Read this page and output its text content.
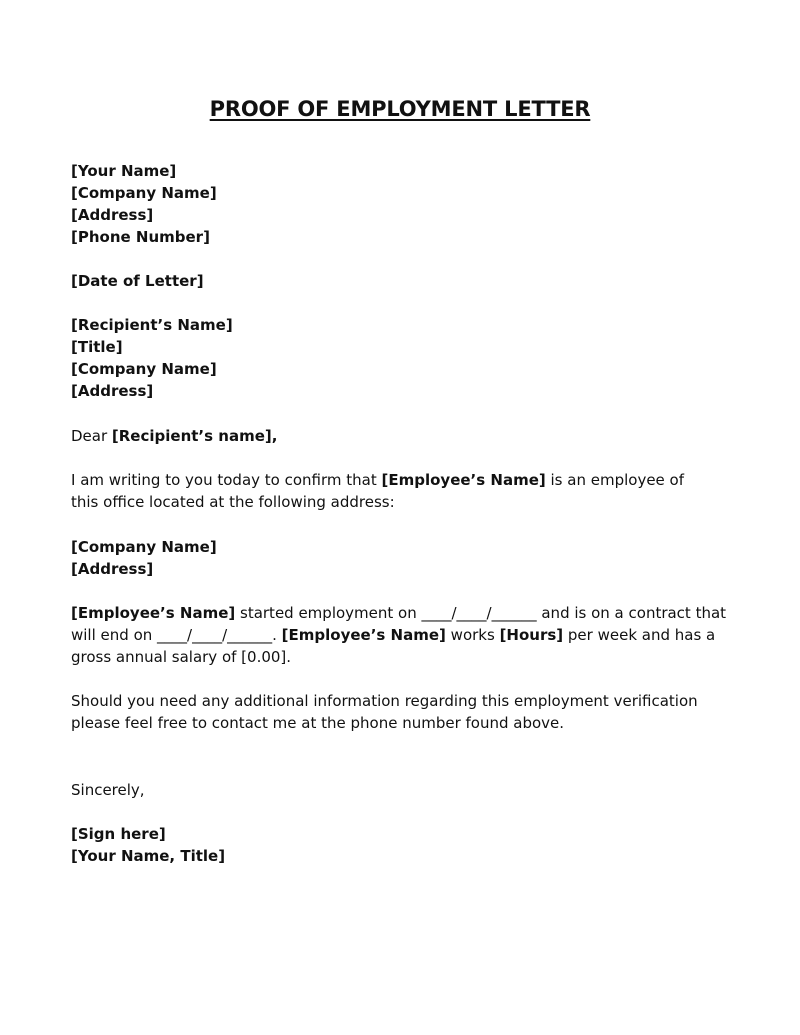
PROOF OF EMPLOYMENT LETTER
[Your Name]
[Company Name]
[Address]
[Phone Number]
[Date of Letter]
[Recipient’s Name]
[Title]
[Company Name]
[Address]
Dear [Recipient’s name],
I am writing to you today to confirm that [Employee’s Name] is an employee of this office located at the following address:
[Company Name]
[Address]
[Employee’s Name] started employment on ____/____/______ and is on a contract that will end on ____/____/______. [Employee’s Name] works [Hours] per week and has a gross annual salary of [0.00].
Should you need any additional information regarding this employment verification please feel free to contact me at the phone number found above.
Sincerely,
[Sign here]
[Your Name, Title]
